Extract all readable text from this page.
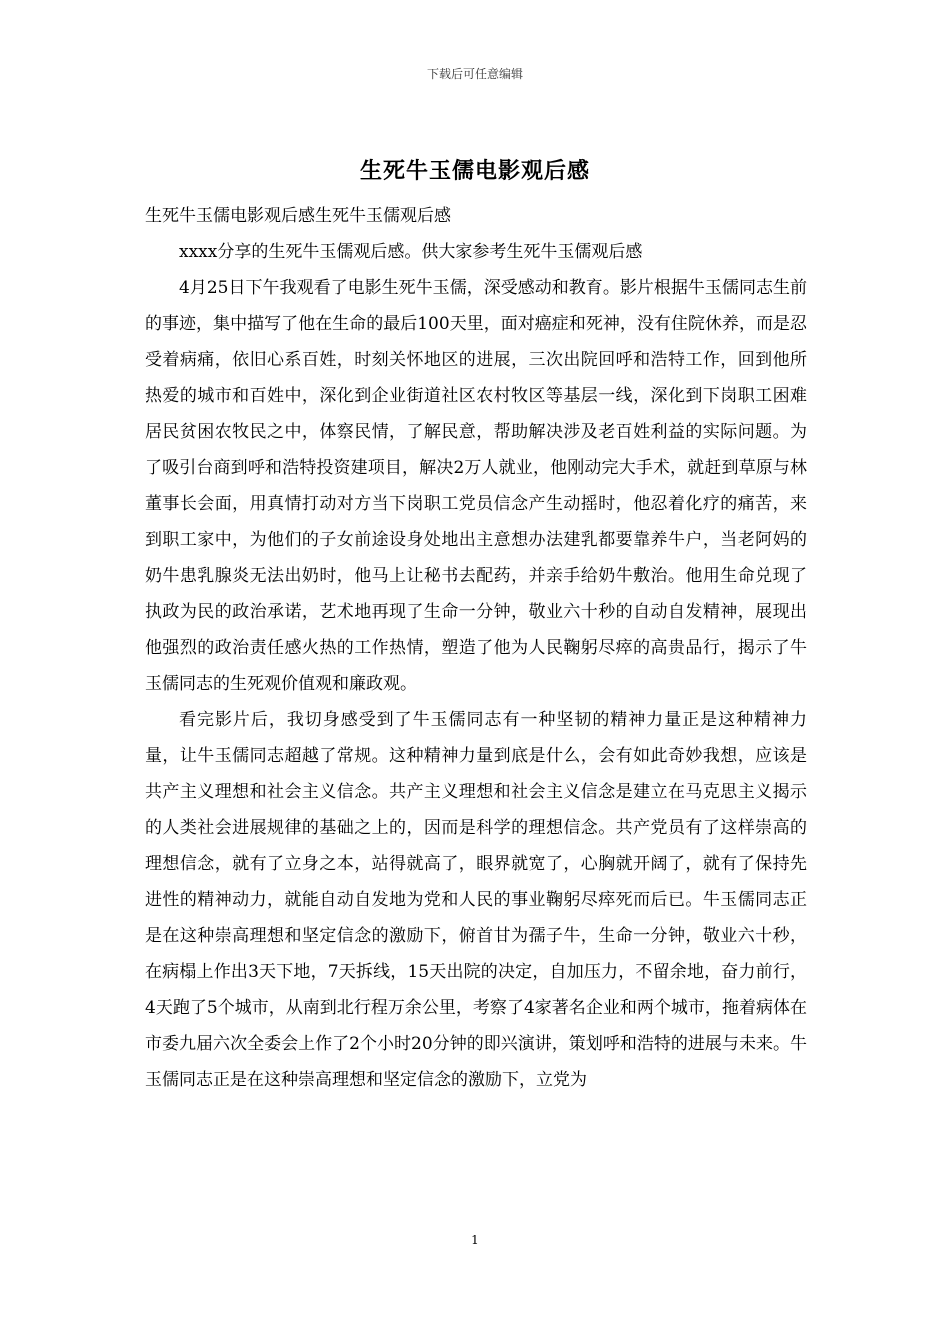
下载后可任意编辑
生死牛玉儒电影观后感

生死牛玉儒电影观后感生死牛玉儒观后感

xxxx分享的生死牛玉儒观后感。供大家参考生死牛玉儒观后感

4月25日下午我观看了电影生死牛玉儒，深受感动和教育。影片根据牛玉儒同志生前的事迹，集中描写了他在生命的最后100天里，面对癌症和死神，没有住院休养，而是忍受着病痛，依旧心系百姓，时刻关怀地区的进展，三次出院回呼和浩特工作，回到他所热爱的城市和百姓中，深化到企业街道社区农村牧区等基层一线，深化到下岗职工困难居民贫困农牧民之中，体察民情，了解民意，帮助解决涉及老百姓利益的实际问题。为了吸引台商到呼和浩特投资建项目，解决2万人就业，他刚动完大手术，就赶到草原与林董事长会面，用真情打动对方当下岗职工党员信念产生动摇时，他忍着化疗的痛苦，来到职工家中，为他们的子女前途设身处地出主意想办法建乳都要靠养牛户，当老阿妈的奶牛患乳腺炎无法出奶时，他马上让秘书去配药，并亲手给奶牛敷治。他用生命兑现了执政为民的政治承诺，艺术地再现了生命一分钟，敬业六十秒的自动自发精神，展现出他强烈的政治责任感火热的工作热情，塑造了他为人民鞠躬尽瘁的高贵品行，揭示了牛玉儒同志的生死观价值观和廉政观。

看完影片后，我切身感受到了牛玉儒同志有一种坚韧的精神力量正是这种精神力量，让牛玉儒同志超越了常规。这种精神力量到底是什么，会有如此奇妙我想，应该是共产主义理想和社会主义信念。共产主义理想和社会主义信念是建立在马克思主义揭示的人类社会进展规律的基础之上的，因而是科学的理想信念。共产党员有了这样崇高的理想信念，就有了立身之本，站得就高了，眼界就宽了，心胸就开阔了，就有了保持先进性的精神动力，就能自动自发地为党和人民的事业鞠躬尽瘁死而后已。牛玉儒同志正是在这种崇高理想和坚定信念的激励下，俯首甘为孺子牛，生命一分钟，敬业六十秒，在病榻上作出3天下地，7天拆线，15天出院的决定，自加压力，不留余地，奋力前行，4天跑了5个城市，从南到北行程万余公里，考察了4家著名企业和两个城市，拖着病体在市委九届六次全委会上作了2个小时20分钟的即兴演讲，策划呼和浩特的进展与未来。牛玉儒同志正是在这种崇高理想和坚定信念的激励下，立党为

1
